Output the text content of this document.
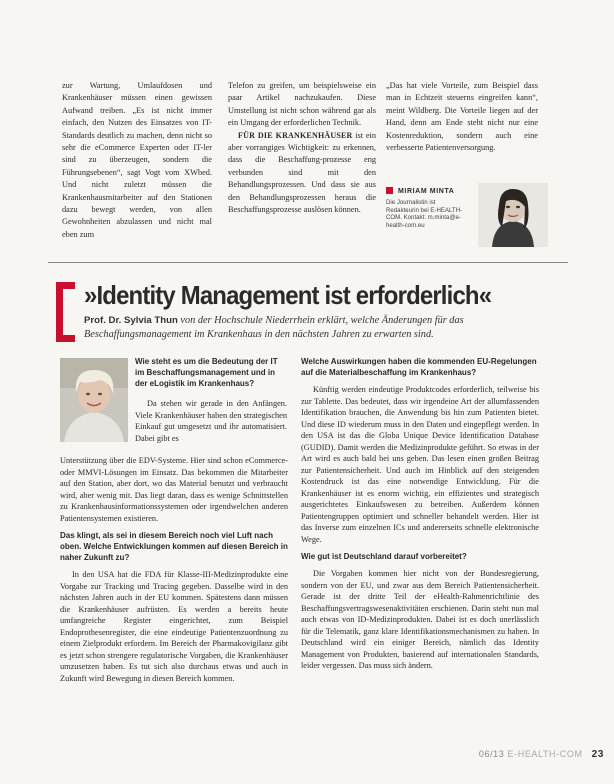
zur Wartung, Umlaufdosen und Krankenhäuser müssen einen gewissen Aufwand treiben. „Es ist nicht immer einfach, den Nutzen des Einsatzes von IT-Standards deutlich zu machen, denn nicht so sehr die eCommerce Experten oder IT-ler sind zu überzeugen, sondern die Führungsebenen“, sagt Vogt vom XWbed. Und nicht zuletzt müssen die Krankenhausmitarbeiter auf den Stationen dazu bewegt werden, von allen Gewohnheiten abzulassen und nicht mal eben zum

Telefon zu greifen, um beispielsweise ein paar Artikel nachzukaufen. Diese Umstellung ist nicht schon während gar als ein Umgang der erforderlichen Technik.

FÜR DIE KRANKENHÄUSER ist ein aber vorrangiges Wichtigkeit: zu erkennen, dass die Beschaffung-prozesse eng verbunden sind mit den Behandlungsprozessen. Und dass sie aus den Behandlungsprozessen heraus die Beschaffungsprozesse auslösen können.

„Das hat viele Vorteile, zum Beispiel dass man in Echtzeit steuerns eingreifen kann“, meint Wildberg. Die Vorteile liegen auf der Hand, denn am Ende steht nicht nur eine Kostenreduktion, sondern auch eine verbesserte Patientenversorgung.

MIRIAM MINTA
Die Journalistin ist Redakteurin bei E-HEALTH-COM. Kontakt: m.minta@e-health-com.eu
»Identity Management ist erforderlich«
Prof. Dr. Sylvia Thun von der Hochschule Niederrhein erklärt, welche Änderungen für das Beschaffungsmanagement im Krankenhaus in den nächsten Jahren zu erwarten sind.
Wie steht es um die Bedeutung der IT im Beschaffungsmanagement und in der eLogistik im Krankenhaus?

Da stehen wir gerade in den Anfängen. Viele Krankenhäuser haben den strategischen Einkauf gut umgesetzt und ihr automatisiert. Dabei gibt es

Unterstützung über die EDV-Systeme. Hier sind schon eCommerce- oder MMVI-Lösungen im Einsatz. Das bekommen die Mitarbeiter auf den Station, aber dort, wo das Material benutzt und verbraucht wird, aber wenig mit. Das liegt daran, dass es wenige Schnittstellen zu Krankenhausinformationssystemen oder irgendwelchen anderen Patientensystemen existieren.

Das klingt, als sei in diesem Bereich noch viel Luft nach oben. Welche Entwicklungen kommen auf diesen Bereich in naher Zukunft zu?

In den USA hat die FDA für Klasse-III-Medizinprodukte eine Vorgabe zur Tracking und Tracing gegeben. Dasselbe wird in den nächsten Jahren auch in der EU kommen. Spätestens dann müssen die Krankenhäuser aufrüsten. Es werden a bereits heute umfangreiche Register eingerichtet, zum Beispiel Endoprothesenregister, die eine eindeutige Patientenzuordnung zu einem Zielprodukt erfordern. Im Bereich der Pharmakovigilanz gibt es jetzt schon strengere regulatorische Vorgaben, die Krankenhäuser umzusetzen haben. Es tut sich also durchaus etwas und auch in Zukunft wird Bewegung in diesen Bereich kommen.

Welche Auswirkungen haben die kommenden EU-Regelungen auf die Materialbeschaffung im Krankenhaus?

Künftig werden eindeutige Produktcodes erforderlich, teilweise bis zur Tablette. Das bedeutet, dass wir irgendeine Art der allumfassenden Identifikation brauchen, die Anwendung bis hin zum Patienten bietet. Und diese ID wiederum muss in den Daten und eingepflegt werden. In den USA ist das die Globa Unique Device Identification Database (GUDID). Damit werden die Medizinprodukte geführt. So etwas in der Art wird es auch bald bei uns geben. Das lesen einen großen Beitrag zur Patientensicherheit. Und auch im Hinblick auf den steigenden Kostendruck ist das eine notwendige Entwicklung. Für die Krankenhäuser ist es enorm wichtig, ein effizientes und strategisch ausgerichtetes Einkaufswesen zu betreiben. Außerdem können Patientengruppen optimiert und schneller behandelt werden. Hier ist das Inverse zum einzelnen ICs und andererseits schnelle elektronische Wege.

Wie gut ist Deutschland darauf vorbereitet?

Die Vorgaben kommen hier nicht von der Bundesregierung, sondern von der EU, und zwar aus dem Bereich Patientensicherheit. Gerade ist der dritte Teil der eHealth-Rahmenrichtlinie des Beschaffungsvertragswesenaktivitäten erschienen. Darin steht nun mal auch etwas von ID-Medizinprodukten. Dabei ist es doch unerlässlich für die Telematik, ganz klare Identifikationsmechanismen zu haben. In Deutschland wird ein einiger Bereich, nämlich das Identity Management von Produkten, basierend auf internationalen Standards, leider vergessen. Das muss sich ändern.

06/13 E-HEALTH-COM 23
